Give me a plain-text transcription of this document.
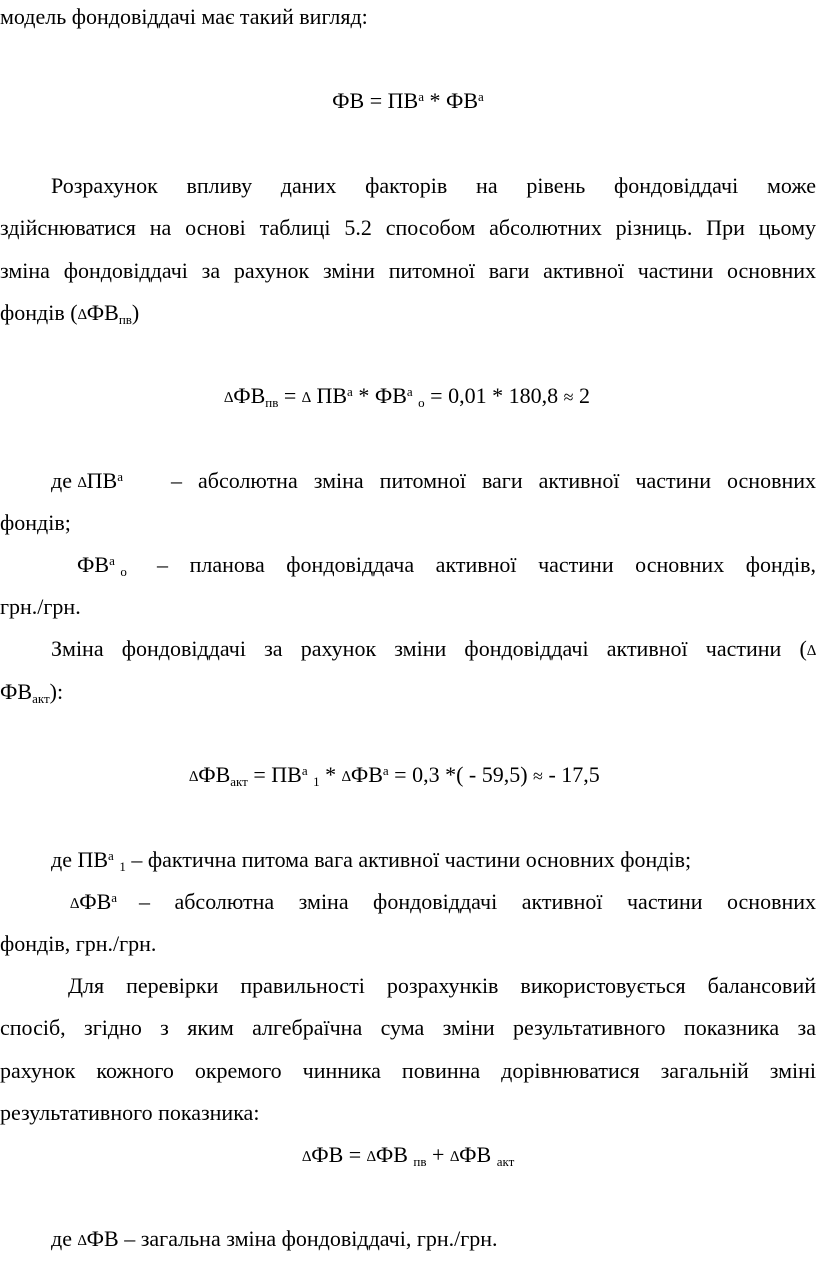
модель фондовіддачі має такий вигляд:
ФВ = $ПВ^а * ФВ^а$
Розрахунок впливу даних факторів на рівень фондовіддачі може
здійснюватися на основі таблиці 5.2 способом абсолютних різниць. При цьому
зміна фондовіддачі за рахунок зміни питомної ваги активної частини основних
фондів $(\Delta ФВ_{пв})$
$\Delta ФВ_{пв}$ = ∆ $ПВ^а * ФВ^а$ $_о$ = 0,01 * 180,8 ≈ 2
де $\Delta ПВ^а$	– абсолютна зміна питомної ваги активної частини основних
фондів;
$ФВ^а$ $_о$	– планова фондовіддача активної частини основних фондів,
грн./грн.
Зміна фондовіддачі за рахунок зміни фондовіддачі активної частини (∆
$ФВ_{акт}$):
$\Delta ФВ_{акт} = ПВ^а$ $_1 * \Delta ФВ^а = 0,3$ *( - 59,5) ≈ - 17,5
де $ПВ^а$ $_1$ – фактична питома вага активної частини основних фондів;
$\Delta ФВ^а$ – абсолютна зміна фондовіддачі активної частини основних
фондів, грн./грн.
Для перевірки правильності розрахунків використовується балансовий
спосіб, згідно з яким алгебраїчна сума зміни результативного показника за
рахунок кожного окремого чинника повинна дорівнюватися загальній зміні
результативного показника:
∆ФВ = ∆ФВ $_{пв}$ + ∆ФВ $_{акт}$
де ∆ФВ – загальна зміна фондовіддачі, грн./грн.
